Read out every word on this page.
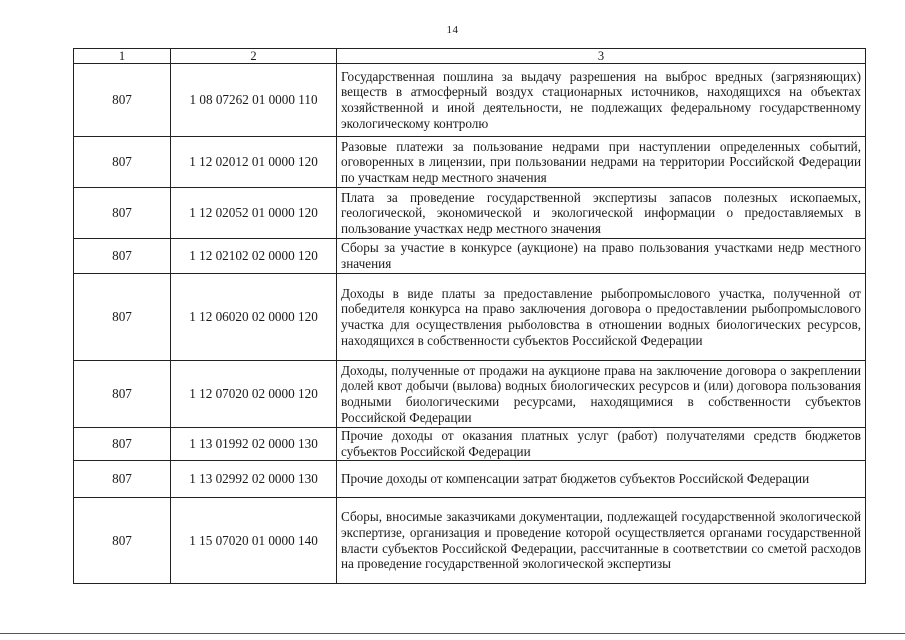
14
1	2	3
807	1 08 07262 01 0000 110	Государственная пошлина за выдачу разрешения на выброс вредных (загрязняющих) веществ в атмосферный воздух стационарных источников, находящихся на объектах хозяйственной и иной деятельности, не подлежащих федеральному государственному экологическому контролю
807	1 12 02012 01 0000 120	Разовые платежи за пользование недрами при наступлении определенных событий, оговоренных в лицензии, при пользовании недрами на территории Российской Федерации по участкам недр местного значения
807	1 12 02052 01 0000 120	Плата за проведение государственной экспертизы запасов полезных ископаемых, геологической, экономической и экологической информации о предоставляемых в пользование участках недр местного значения
807	1 12 02102 02 0000 120	Сборы за участие в конкурсе (аукционе) на право пользования участками недр местного значения
807	1 12 06020 02 0000 120	Доходы в виде платы за предоставление рыбопромыслового участка, полученной от победителя конкурса на право заключения договора о предоставлении рыбопромыслового участка для осуществления рыболовства в отношении водных биологических ресурсов, находящихся в собственности субъектов Российской Федерации
807	1 12 07020 02 0000 120	Доходы, полученные от продажи на аукционе права на заключение договора о закреплении долей квот добычи (вылова) водных биологических ресурсов и (или) договора пользования водными биологическими ресурсами, находящимися в собственности субъектов Российской Федерации
807	1 13 01992 02 0000 130	Прочие доходы от оказания платных услуг (работ) получателями средств бюджетов субъектов Российской Федерации
807	1 13 02992 02 0000 130	Прочие доходы от компенсации затрат бюджетов субъектов Российской Федерации
807	1 15 07020 01 0000 140	Сборы, вносимые заказчиками документации, подлежащей государственной экологической экспертизе, организация и проведение которой осуществляется органами государственной власти субъектов Российской Федерации, рассчитанные в соответствии со сметой расходов на проведение государственной экологической экспертизы
